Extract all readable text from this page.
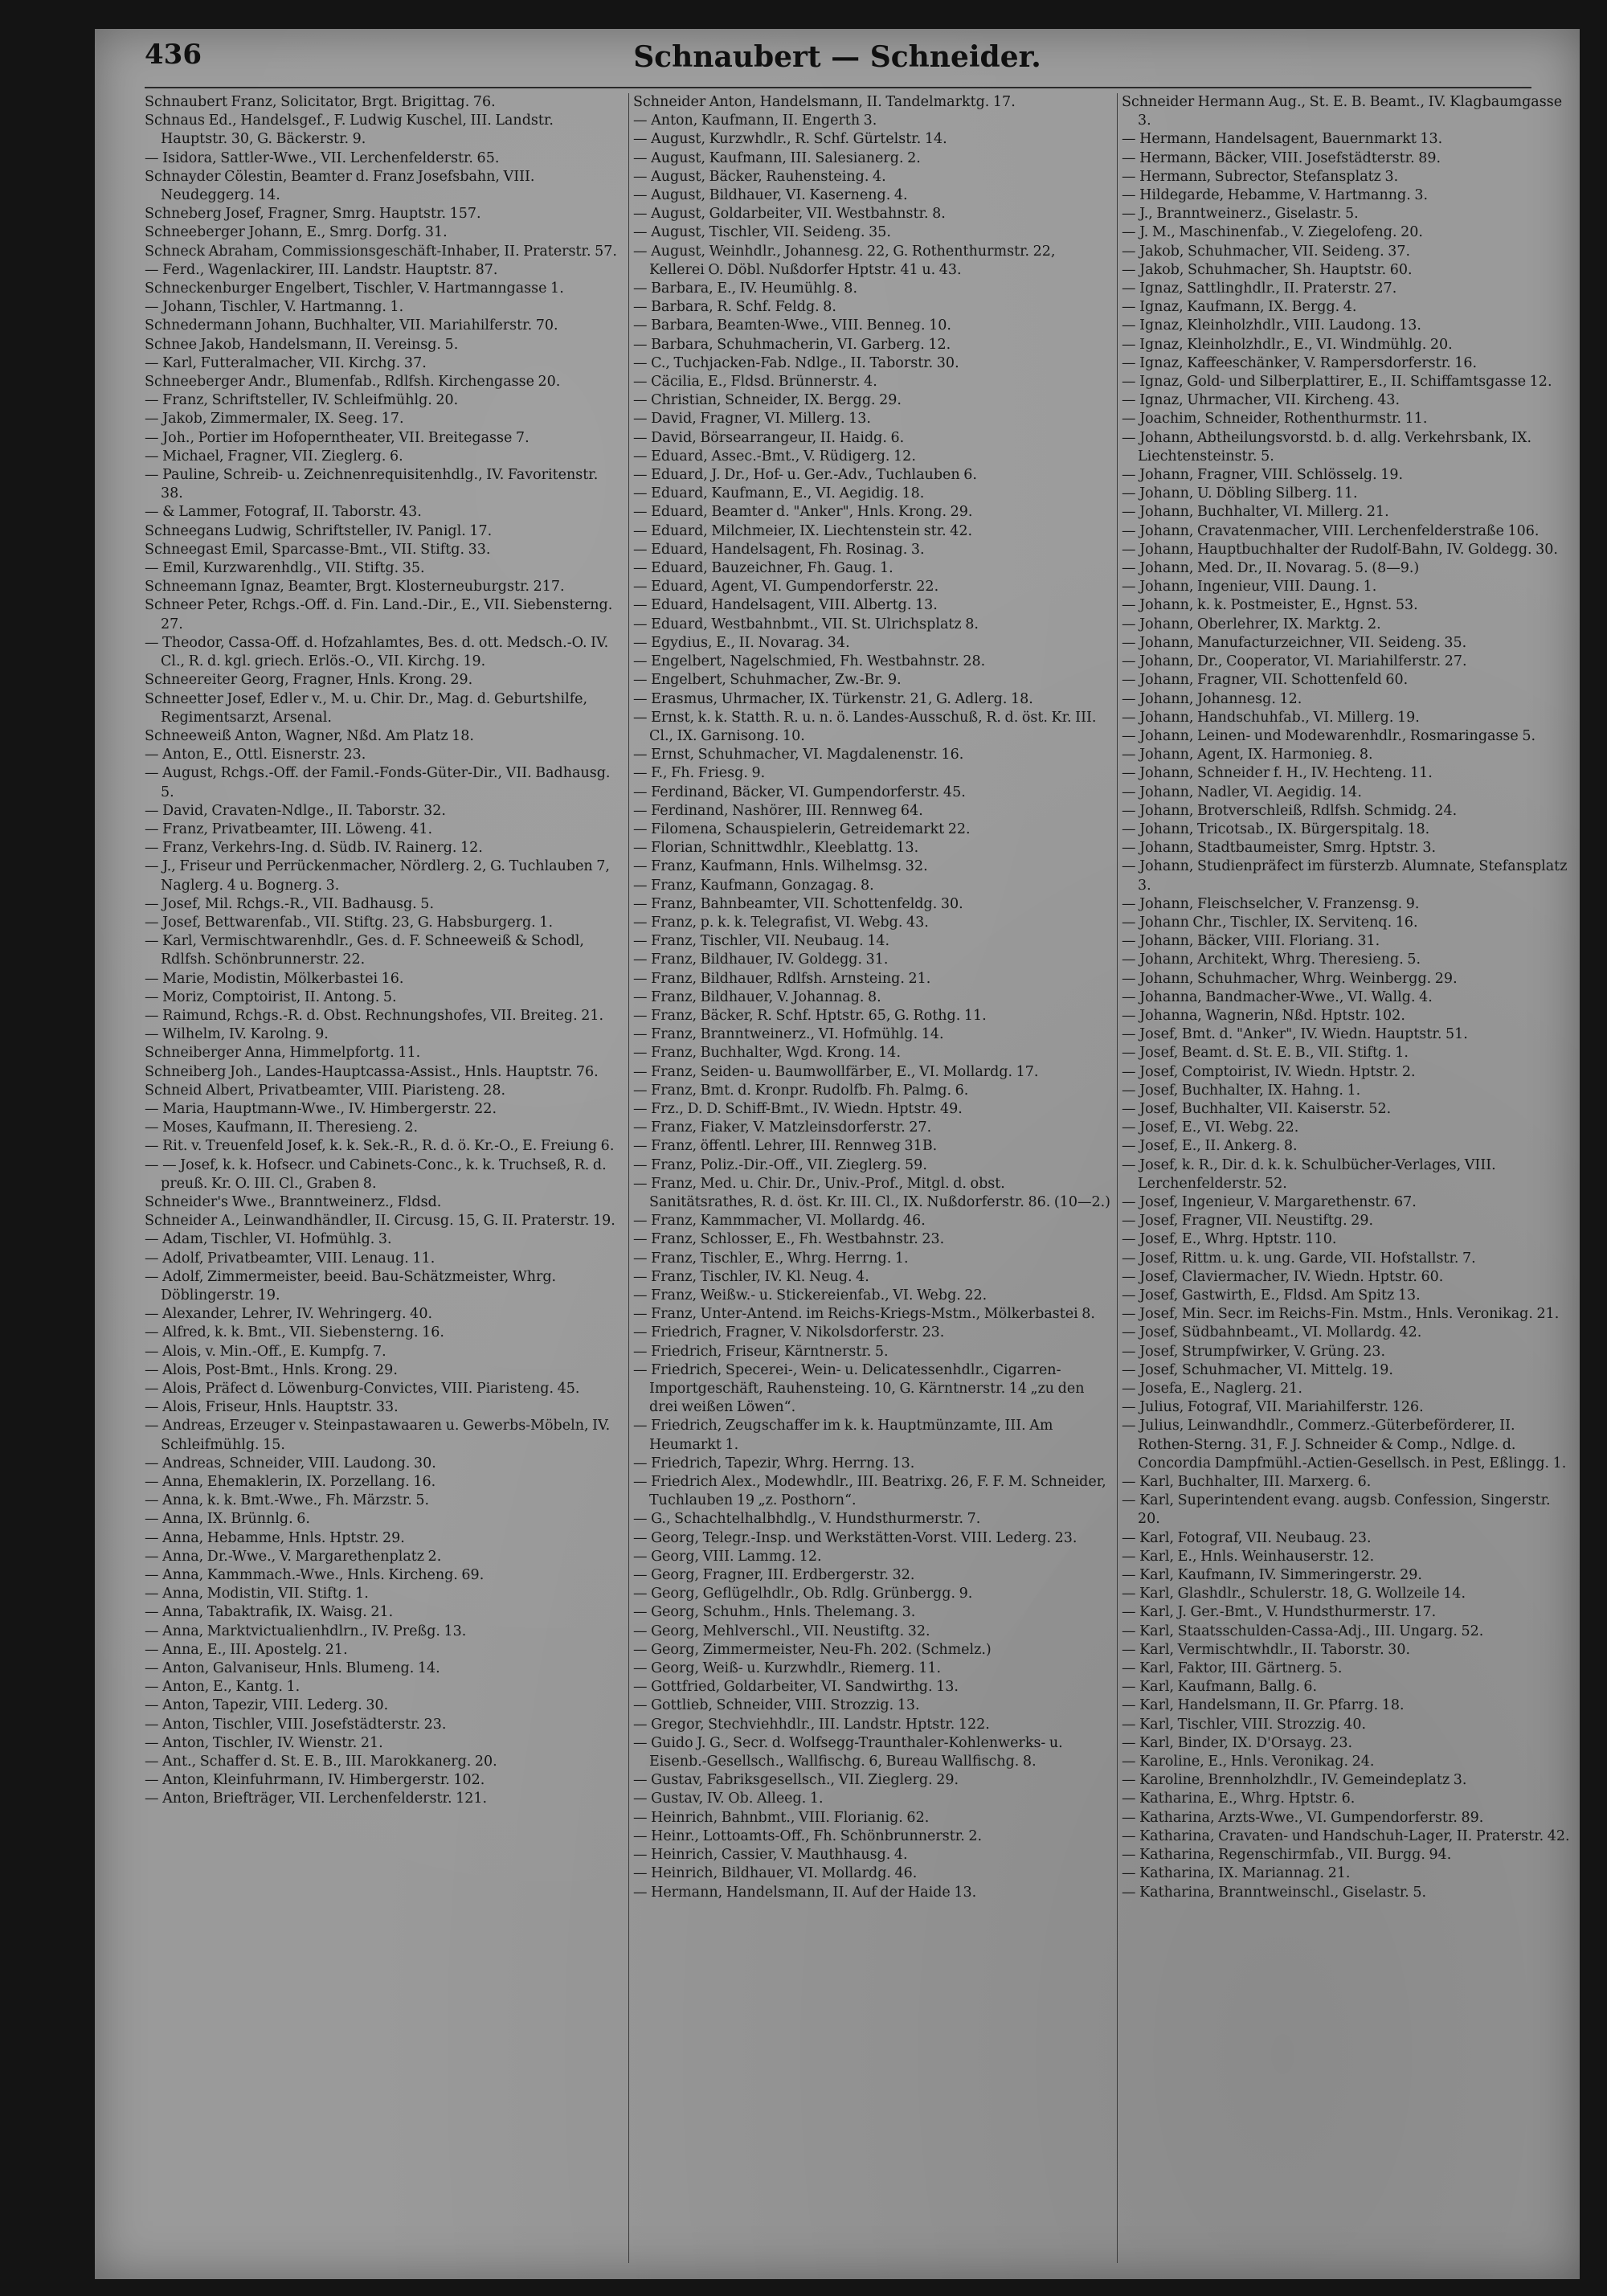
436	Schnaubert — Schneider.
Schnaubert Franz, Solicitator, Brgt. Brigittag. 76.
Schnaus Ed., Handelsgef., F. Ludwig Kuschel, III. Landstr. Hauptstr. 30, G. Bäckerstr. 9.
— Isidora, Sattler-Wwe., VII. Lerchenfelderstr. 65.
Schnayder Cölestin, Beamter d. Franz Josefsbahn, VIII. Neudeggerg. 14.
Schneberg Josef, Fragner, Smrg. Hauptstr. 157.
Schneeberger Johann, E., Smrg. Dorfg. 31.
Schneck Abraham, Commissionsgeschäft-Inhaber, II. Praterstr. 57.
— Ferd., Wagenlackirer, III. Landstr. Hauptstr. 87.
Schneckenburger Engelbert, Tischler, V. Hartmanngasse 1.
— Johann, Tischler, V. Hartmanng. 1.
Schnedermann Johann, Buchhalter, VII. Mariahilferstr. 70.
Schnee Jakob, Handelsmann, II. Vereinsg. 5.
— Karl, Futteralmacher, VII. Kirchg. 37.
Schneeberger Andr., Blumenfab., Rdlfsh. Kirchengasse 20.
— Franz, Schriftsteller, IV. Schleifmühlg. 20.
— Jakob, Zimmermaler, IX. Seeg. 17.
— Joh., Portier im Hofoperntheater, VII. Breitegasse 7.
— Michael, Fragner, VII. Zieglerg. 6.
— Pauline, Schreib- u. Zeichnenrequisitenhdlg., IV. Favoritenstr. 38.
— & Lammer, Fotograf, II. Taborstr. 43.
Schneegans Ludwig, Schriftsteller, IV. Panigl. 17.
Schneegast Emil, Sparcasse-Bmt., VII. Stiftg. 33.
— Emil, Kurzwarenhdlg., VII. Stiftg. 35.
Schneemann Ignaz, Beamter, Brgt. Klosterneuburgstr. 217.
Schneer Peter, Rchgs.-Off. d. Fin. Land.-Dir., E., VII. Siebensterng. 27.
— Theodor, Cassa-Off. d. Hofzahlamtes, Bes. d. ott. Medsch.-O. IV. Cl., R. d. kgl. griech. Erlös.-O., VII. Kirchg. 19.
Schneereiter Georg, Fragner, Hnls. Krong. 29.
Schneetter Josef, Edler v., M. u. Chir. Dr., Mag. d. Geburtshilfe, Regimentsarzt, Arsenal.
Schneeweiß Anton, Wagner, Nßd. Am Platz 18.
— Anton, E., Ottl. Eisnerstr. 23.
— August, Rchgs.-Off. der Famil.-Fonds-Güter-Dir., VII. Badhausg. 5.
— David, Cravaten-Ndlge., II. Taborstr. 32.
— Franz, Privatbeamter, III. Löweng. 41.
— Franz, Verkehrs-Ing. d. Südb. IV. Rainerg. 12.
— J., Friseur und Perrückenmacher, Nördlerg. 2, G. Tuchlauben 7, Naglerg. 4 u. Bognerg. 3.
— Josef, Mil. Rchgs.-R., VII. Badhausg. 5.
— Josef, Bettwarenfab., VII. Stiftg. 23, G. Habsburgerg. 1.
— Karl, Vermischtwarenhdlr., Ges. d. F. Schneeweiß & Schodl, Rdlfsh. Schönbrunnerstr. 22.
— Marie, Modistin, Mölkerbastei 16.
— Moriz, Comptoirist, II. Antong. 5.
— Raimund, Rchgs.-R. d. Obst. Rechnungshofes, VII. Breiteg. 21.
— Wilhelm, IV. Karolng. 9.
Schneiberger Anna, Himmelpfortg. 11.
Schneiberg Joh., Landes-Hauptcassa-Assist., Hnls. Hauptstr. 76.
Schneid Albert, Privatbeamter, VIII. Piaristeng. 28.
— Maria, Hauptmann-Wwe., IV. Himbergerstr. 22.
— Moses, Kaufmann, II. Theresieng. 2.
— Rit. v. Treuenfeld Josef, k. k. Sek.-R., R. d. ö. Kr.-O., E. Freiung 6.
— — Josef, k. k. Hofsecr. und Cabinets-Conc., k. k. Truchseß, R. d. preuß. Kr. O. III. Cl., Graben 8.
Schneider's Wwe., Branntweinerz., Fldsd.
Schneider A., Leinwandhändler, II. Circusg. 15, G. II. Praterstr. 19.
— Adam, Tischler, VI. Hofmühlg. 3.
— Adolf, Privatbeamter, VIII. Lenaug. 11.
— Adolf, Zimmermeister, beeid. Bau-Schätzmeister, Whrg. Döblingerstr. 19.
— Alexander, Lehrer, IV. Wehringerg. 40.
— Alfred, k. k. Bmt., VII. Siebensterng. 16.
— Alois, v. Min.-Off., E. Kumpfg. 7.
— Alois, Post-Bmt., Hnls. Krong. 29.
— Alois, Präfect d. Löwenburg-Convictes, VIII. Piaristeng. 45.
— Alois, Friseur, Hnls. Hauptstr. 33.
— Andreas, Erzeuger v. Steinpastawaaren u. Gewerbs-Möbeln, IV. Schleifmühlg. 15.
— Andreas, Schneider, VIII. Laudong. 30.
— Anna, Ehemaklerin, IX. Porzellang. 16.
— Anna, k. k. Bmt.-Wwe., Fh. Märzstr. 5.
— Anna, IX. Brünnlg. 6.
— Anna, Hebamme, Hnls. Hptstr. 29.
— Anna, Dr.-Wwe., V. Margarethenplatz 2.
— Anna, Kammmach.-Wwe., Hnls. Kircheng. 69.
— Anna, Modistin, VII. Stiftg. 1.
— Anna, Tabaktrafik, IX. Waisg. 21.
— Anna, Marktvictualienhdlrn., IV. Preßg. 13.
— Anna, E., III. Apostelg. 21.
— Anton, Galvaniseur, Hnls. Blumeng. 14.
— Anton, E., Kantg. 1.
— Anton, Tapezir, VIII. Lederg. 30.
— Anton, Tischler, VIII. Josefstädterstr. 23.
— Anton, Tischler, IV. Wienstr. 21.
— Ant., Schaffer d. St. E. B., III. Marokkanerg. 20.
— Anton, Kleinfuhrmann, IV. Himbergerstr. 102.
— Anton, Briefträger, VII. Lerchenfelderstr. 121.
Schneider Anton, Handelsmann, II. Tandelmarktg. 17.
— Anton, Kaufmann, II. Engerth 3.
— August, Kurzwhdlr., R. Schf. Gürtelstr. 14.
— August, Kaufmann, III. Salesianerg. 2.
— August, Bäcker, Rauhensteing. 4.
— August, Bildhauer, VI. Kaserneng. 4.
— August, Goldarbeiter, VII. Westbahnstr. 8.
— August, Tischler, VII. Seideng. 35.
— August, Weinhdlr., Johannesg. 22, G. Rothenthurmstr. 22, Kellerei O. Döbl. Nußdorfer Hptstr. 41 u. 43.
— Barbara, E., IV. Heumühlg. 8.
— Barbara, R. Schf. Feldg. 8.
— Barbara, Beamten-Wwe., VIII. Benneg. 10.
— Barbara, Schuhmacherin, VI. Garberg. 12.
— C., Tuchjacken-Fab. Ndlge., II. Taborstr. 30.
— Cäcilia, E., Fldsd. Brünnerstr. 4.
— Christian, Schneider, IX. Bergg. 29.
— David, Fragner, VI. Millerg. 13.
— David, Börsearrangeur, II. Haidg. 6.
— Eduard, Assec.-Bmt., V. Rüdigerg. 12.
— Eduard, J. Dr., Hof- u. Ger.-Adv., Tuchlauben 6.
— Eduard, Kaufmann, E., VI. Aegidig. 18.
— Eduard, Beamter d. "Anker", Hnls. Krong. 29.
— Eduard, Milchmeier, IX. Liechtenstein str. 42.
— Eduard, Handelsagent, Fh. Rosinag. 3.
— Eduard, Bauzeichner, Fh. Gaug. 1.
— Eduard, Agent, VI. Gumpendorferstr. 22.
— Eduard, Handelsagent, VIII. Albertg. 13.
— Eduard, Westbahnbmt., VII. St. Ulrichsplatz 8.
— Egydius, E., II. Novarag. 34.
— Engelbert, Nagelschmied, Fh. Westbahnstr. 28.
— Engelbert, Schuhmacher, Zw.-Br. 9.
— Erasmus, Uhrmacher, IX. Türkenstr. 21, G. Adlerg. 18.
— Ernst, k. k. Statth. R. u. n. ö. Landes-Ausschuß, R. d. öst. Kr. III. Cl., IX. Garnisong. 10.
— Ernst, Schuhmacher, VI. Magdalenenstr. 16.
— F., Fh. Friesg. 9.
— Ferdinand, Bäcker, VI. Gumpendorferstr. 45.
— Ferdinand, Nashörer, III. Rennweg 64.
— Filomena, Schauspielerin, Getreidemarkt 22.
— Florian, Schnittwdhlr., Kleeblattg. 13.
— Franz, Kaufmann, Hnls. Wilhelmsg. 32.
— Franz, Kaufmann, Gonzagag. 8.
— Franz, Bahnbeamter, VII. Schottenfeldg. 30.
— Franz, p. k. k. Telegrafist, VI. Webg. 43.
— Franz, Tischler, VII. Neubaug. 14.
— Franz, Bildhauer, IV. Goldegg. 31.
— Franz, Bildhauer, Rdlfsh. Arnsteing. 21.
— Franz, Bildhauer, V. Johannag. 8.
— Franz, Bäcker, R. Schf. Hptstr. 65, G. Rothg. 11.
— Franz, Branntweinerz., VI. Hofmühlg. 14.
— Franz, Buchhalter, Wgd. Krong. 14.
— Franz, Seiden- u. Baumwollfärber, E., VI. Mollardg. 17.
— Franz, Bmt. d. Kronpr. Rudolfb. Fh. Palmg. 6.
— Frz., D. D. Schiff-Bmt., IV. Wiedn. Hptstr. 49.
— Franz, Fiaker, V. Matzleinsdorferstr. 27.
— Franz, öffentl. Lehrer, III. Rennweg 31B.
— Franz, Poliz.-Dir.-Off., VII. Zieglerg. 59.
— Franz, Med. u. Chir. Dr., Univ.-Prof., Mitgl. d. obst. Sanitätsrathes, R. d. öst. Kr. III. Cl., IX. Nußdorferstr. 86. (10—2.)
— Franz, Kammmacher, VI. Mollardg. 46.
— Franz, Schlosser, E., Fh. Westbahnstr. 23.
— Franz, Tischler, E., Whrg. Herrng. 1.
— Franz, Tischler, IV. Kl. Neug. 4.
— Franz, Weißw.- u. Stickereienfab., VI. Webg. 22.
— Franz, Unter-Antend. im Reichs-Kriegs-Mstm., Mölkerbastei 8.
— Friedrich, Fragner, V. Nikolsdorferstr. 23.
— Friedrich, Friseur, Kärntnerstr. 5.
— Friedrich, Specerei-, Wein- u. Delicatessenhdlr., Cigarren-Importgeschäft, Rauhensteing. 10, G. Kärntnerstr. 14 „zu den drei weißen Löwen“.
— Friedrich, Zeugschaffer im k. k. Hauptmünzamte, III. Am Heumarkt 1.
— Friedrich, Tapezir, Whrg. Herrng. 13.
— Friedrich Alex., Modewhdlr., III. Beatrixg. 26, F. F. M. Schneider, Tuchlauben 19 „z. Posthorn“.
— G., Schachtelhalbhdlg., V. Hundsthurmerstr. 7.
— Georg, Telegr.-Insp. und Werkstätten-Vorst. VIII. Lederg. 23.
— Georg, VIII. Lammg. 12.
— Georg, Fragner, III. Erdbergerstr. 32.
— Georg, Geflügelhdlr., Ob. Rdlg. Grünbergg. 9.
— Georg, Schuhm., Hnls. Thelemang. 3.
— Georg, Mehlverschl., VII. Neustiftg. 32.
— Georg, Zimmermeister, Neu-Fh. 202. (Schmelz.)
— Georg, Weiß- u. Kurzwhdlr., Riemerg. 11.
— Gottfried, Goldarbeiter, VI. Sandwirthg. 13.
— Gottlieb, Schneider, VIII. Strozzig. 13.
— Gregor, Stechviehhdlr., III. Landstr. Hptstr. 122.
— Guido J. G., Secr. d. Wolfsegg-Traunthaler-Kohlenwerks- u. Eisenb.-Gesellsch., Wallfischg. 6, Bureau Wallfischg. 8.
— Gustav, Fabriksgesellsch., VII. Zieglerg. 29.
— Gustav, IV. Ob. Alleeg. 1.
— Heinrich, Bahnbmt., VIII. Florianig. 62.
— Heinr., Lottoamts-Off., Fh. Schönbrunnerstr. 2.
— Heinrich, Cassier, V. Mauthhausg. 4.
— Heinrich, Bildhauer, VI. Mollardg. 46.
— Hermann, Handelsmann, II. Auf der Haide 13.
Schneider Hermann Aug., St. E. B. Beamt., IV. Klagbaumgasse 3.
— Hermann, Handelsagent, Bauernmarkt 13.
— Hermann, Bäcker, VIII. Josefstädterstr. 89.
— Hermann, Subrector, Stefansplatz 3.
— Hildegarde, Hebamme, V. Hartmanng. 3.
— J., Branntweinerz., Giselastr. 5.
— J. M., Maschinenfab., V. Ziegelofeng. 20.
— Jakob, Schuhmacher, VII. Seideng. 37.
— Jakob, Schuhmacher, Sh. Hauptstr. 60.
— Ignaz, Sattlinghdlr., II. Praterstr. 27.
— Ignaz, Kaufmann, IX. Bergg. 4.
— Ignaz, Kleinholzhdlr., VIII. Laudong. 13.
— Ignaz, Kleinholzhdlr., E., VI. Windmühlg. 20.
— Ignaz, Kaffeeschänker, V. Rampersdorferstr. 16.
— Ignaz, Gold- und Silberplattirer, E., II. Schiffamtsgasse 12.
— Ignaz, Uhrmacher, VII. Kircheng. 43.
— Joachim, Schneider, Rothenthurmstr. 11.
— Johann, Abtheilungsvorstd. b. d. allg. Verkehrsbank, IX. Liechtensteinstr. 5.
— Johann, Fragner, VIII. Schlösselg. 19.
— Johann, U. Döbling Silberg. 11.
— Johann, Buchhalter, VI. Millerg. 21.
— Johann, Cravatenmacher, VIII. Lerchenfelderstraße 106.
— Johann, Hauptbuchhalter der Rudolf-Bahn, IV. Goldegg. 30.
— Johann, Med. Dr., II. Novarag. 5. (8—9.)
— Johann, Ingenieur, VIII. Daung. 1.
— Johann, k. k. Postmeister, E., Hgnst. 53.
— Johann, Oberlehrer, IX. Marktg. 2.
— Johann, Manufacturzeichner, VII. Seideng. 35.
— Johann, Dr., Cooperator, VI. Mariahilferstr. 27.
— Johann, Fragner, VII. Schottenfeld 60.
— Johann, Johannesg. 12.
— Johann, Handschuhfab., VI. Millerg. 19.
— Johann, Leinen- und Modewarenhdlr., Rosmaringasse 5.
— Johann, Agent, IX. Harmonieg. 8.
— Johann, Schneider f. H., IV. Hechteng. 11.
— Johann, Nadler, VI. Aegidig. 14.
— Johann, Brotverschleiß, Rdlfsh. Schmidg. 24.
— Johann, Tricotsab., IX. Bürgerspitalg. 18.
— Johann, Stadtbaumeister, Smrg. Hptstr. 3.
— Johann, Studienpräfect im fürsterzb. Alumnate, Stefansplatz 3.
— Johann, Fleischselcher, V. Franzensg. 9.
— Johann Chr., Tischler, IX. Servitenq. 16.
— Johann, Bäcker, VIII. Floriang. 31.
— Johann, Architekt, Whrg. Theresieng. 5.
— Johann, Schuhmacher, Whrg. Weinbergg. 29.
— Johanna, Bandmacher-Wwe., VI. Wallg. 4.
— Johanna, Wagnerin, Nßd. Hptstr. 102.
— Josef, Bmt. d. "Anker", IV. Wiedn. Hauptstr. 51.
— Josef, Beamt. d. St. E. B., VII. Stiftg. 1.
— Josef, Comptoirist, IV. Wiedn. Hptstr. 2.
— Josef, Buchhalter, IX. Hahng. 1.
— Josef, Buchhalter, VII. Kaiserstr. 52.
— Josef, E., VI. Webg. 22.
— Josef, E., II. Ankerg. 8.
— Josef, k. R., Dir. d. k. k. Schulbücher-Verlages, VIII. Lerchenfelderstr. 52.
— Josef, Ingenieur, V. Margarethenstr. 67.
— Josef, Fragner, VII. Neustiftg. 29.
— Josef, E., Whrg. Hptstr. 110.
— Josef, Rittm. u. k. ung. Garde, VII. Hofstallstr. 7.
— Josef, Claviermacher, IV. Wiedn. Hptstr. 60.
— Josef, Gastwirth, E., Fldsd. Am Spitz 13.
— Josef, Min. Secr. im Reichs-Fin. Mstm., Hnls. Veronikag. 21.
— Josef, Südbahnbeamt., VI. Mollardg. 42.
— Josef, Strumpfwirker, V. Grüng. 23.
— Josef, Schuhmacher, VI. Mittelg. 19.
— Josefa, E., Naglerg. 21.
— Julius, Fotograf, VII. Mariahilferstr. 126.
— Julius, Leinwandhdlr., Commerz.-Güterbeförderer, II. Rothen-Sterng. 31, F. J. Schneider & Comp., Ndlge. d. Concordia Dampfmühl.-Actien-Gesellsch. in Pest, Eßlingg. 1.
— Karl, Buchhalter, III. Marxerg. 6.
— Karl, Superintendent evang. augsb. Confession, Singerstr. 20.
— Karl, Fotograf, VII. Neubaug. 23.
— Karl, E., Hnls. Weinhauserstr. 12.
— Karl, Kaufmann, IV. Simmeringerstr. 29.
— Karl, Glashdlr., Schulerstr. 18, G. Wollzeile 14.
— Karl, J. Ger.-Bmt., V. Hundsthurmerstr. 17.
— Karl, Staatsschulden-Cassa-Adj., III. Ungarg. 52.
— Karl, Vermischtwhdlr., II. Taborstr. 30.
— Karl, Faktor, III. Gärtnerg. 5.
— Karl, Kaufmann, Ballg. 6.
— Karl, Handelsmann, II. Gr. Pfarrg. 18.
— Karl, Tischler, VIII. Strozzig. 40.
— Karl, Binder, IX. D'Orsayg. 23.
— Karoline, E., Hnls. Veronikag. 24.
— Karoline, Brennholzhdlr., IV. Gemeindeplatz 3.
— Katharina, E., Whrg. Hptstr. 6.
— Katharina, Arzts-Wwe., VI. Gumpendorferstr. 89.
— Katharina, Cravaten- und Handschuh-Lager, II. Praterstr. 42.
— Katharina, Regenschirmfab., VII. Burgg. 94.
— Katharina, IX. Mariannag. 21.
— Katharina, Branntweinschl., Giselastr. 5.
